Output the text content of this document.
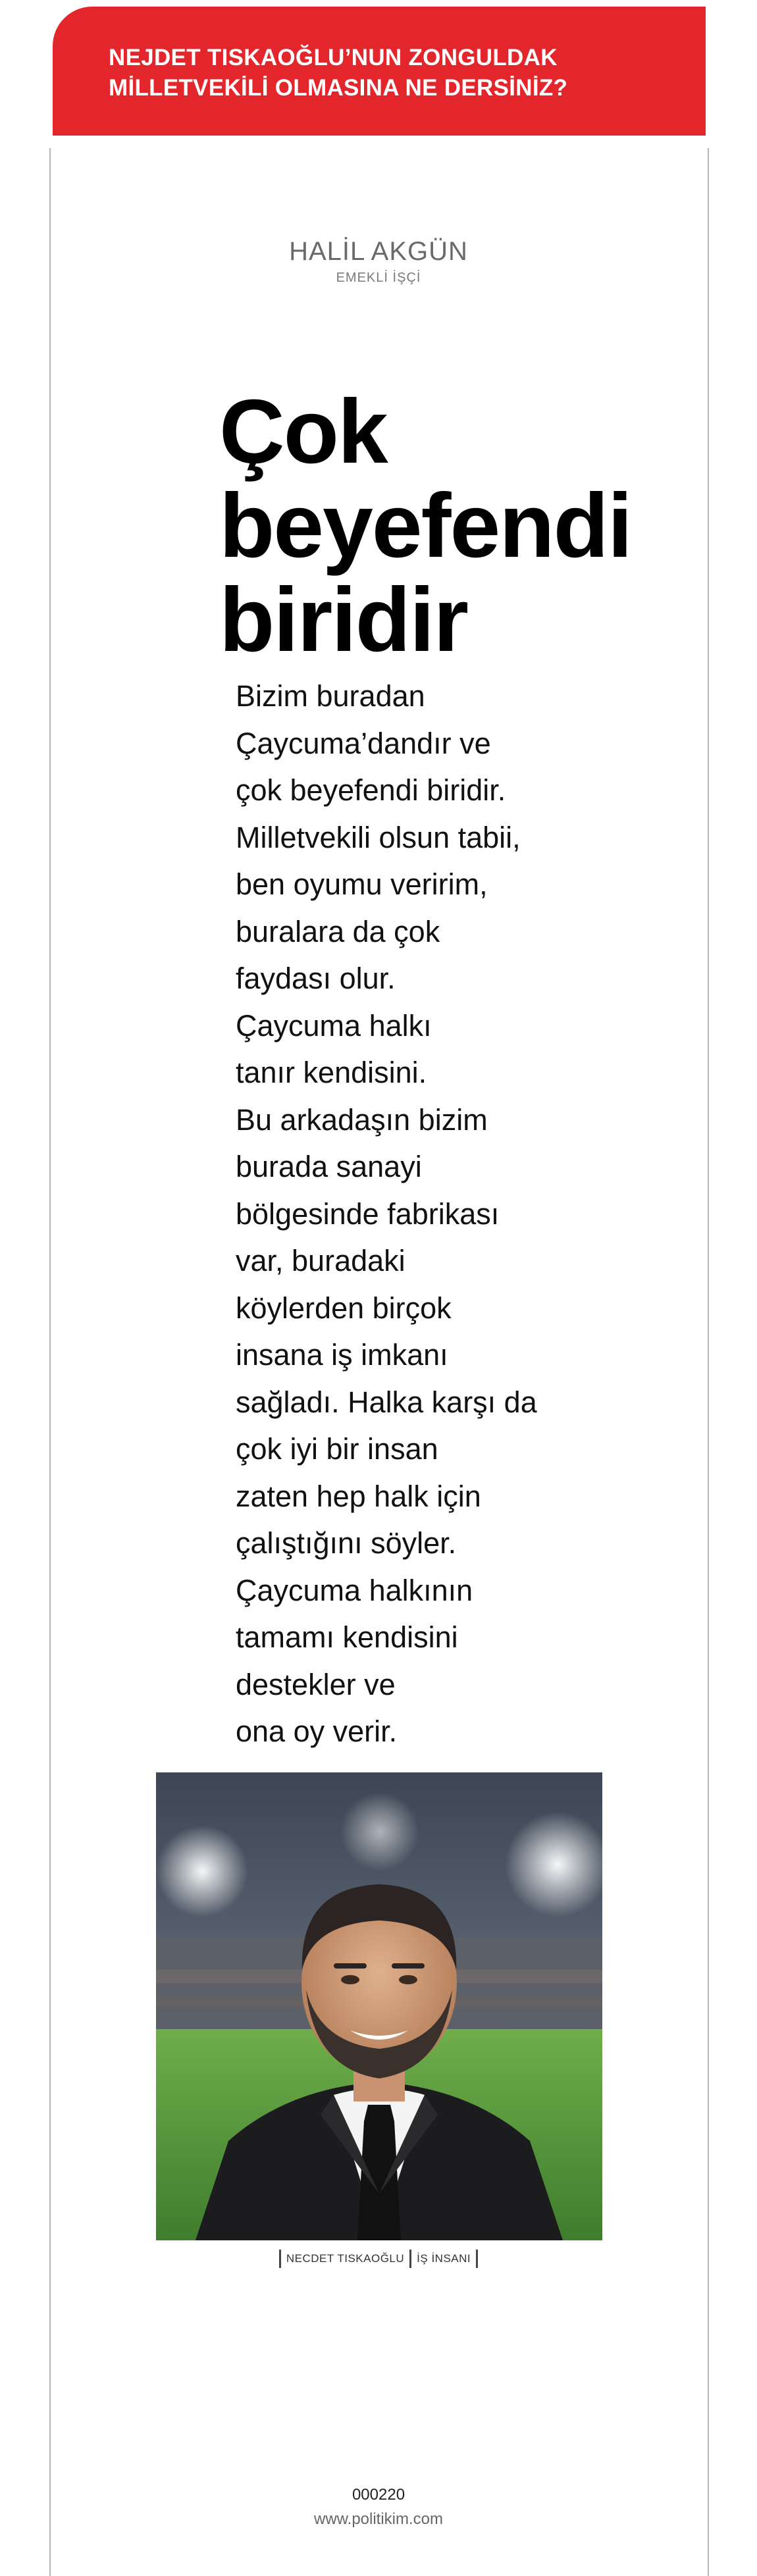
NEJDET TISKAOĞLU’NUN ZONGULDAK
MİLLETVEKİLİ OLMASINA NE DERSİNİZ?
HALİL AKGÜN
EMEKLİ İŞÇİ
Çok
beyefendi
biridir
Bizim buradan
Çaycuma’dandır ve
çok beyefendi biridir.
Milletvekili olsun tabii,
ben oyumu veririm,
buralara da çok
faydası olur.
Çaycuma halkı
tanır kendisini.
Bu arkadaşın bizim
burada sanayi
bölgesinde fabrikası
var, buradaki
köylerden birçok
insana iş imkanı
sağladı. Halka karşı da
çok iyi bir insan
zaten hep halk için
çalıştığını söyler.
Çaycuma halkının
tamamı kendisini
destekler ve
ona oy verir.
NECDET TISKAOĞLU İŞ İNSANI
000220
www.politikim.com
